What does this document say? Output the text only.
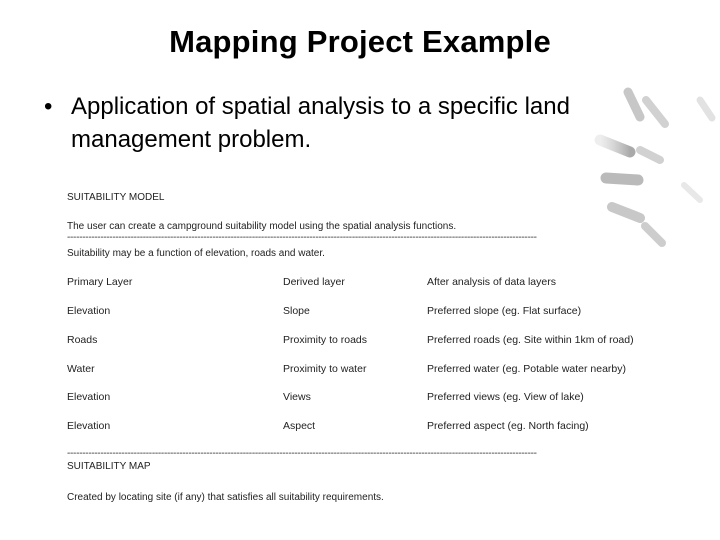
Mapping Project Example
• Application of spatial analysis to a specific land
management problem.
SUITABILITY MODEL
The user can create a campground suitability model using the spatial analysis functions.
-----------------------------------------------------------------------------------------------------------------------------------------------------------
Suitability may be a function of elevation, roads and water.
Primary Layer	Derived layer	After analysis of data layers
Elevation	Slope	Preferred slope (eg. Flat surface)
Roads	Proximity to roads	Preferred roads (eg. Site within 1km of road)
Water	Proximity to water	Preferred water (eg. Potable water nearby)
Elevation	Views	Preferred views (eg. View of lake)
Elevation	Aspect	Preferred aspect (eg. North facing)
-----------------------------------------------------------------------------------------------------------------------------------------------------------
SUITABILITY MAP
Created by locating site (if any) that satisfies all suitability requirements.
